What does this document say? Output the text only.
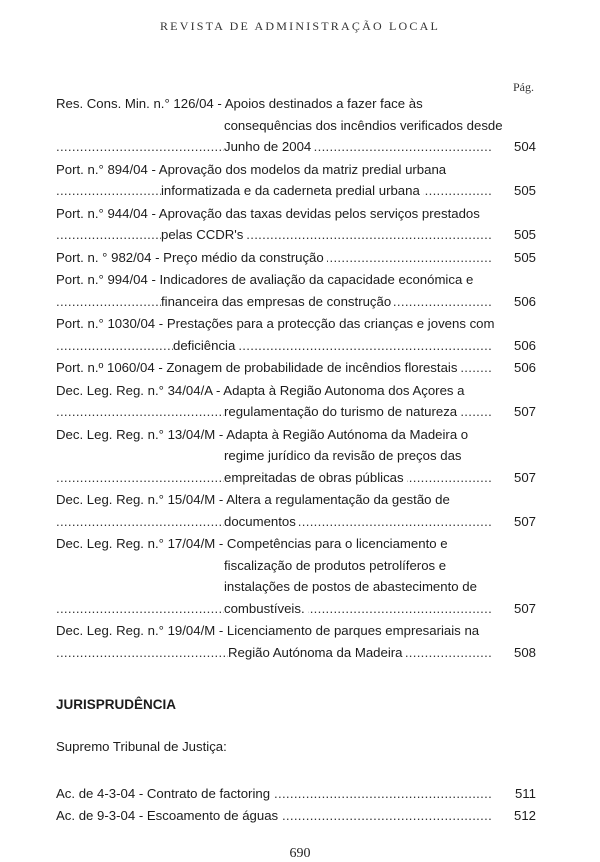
REVISTA DE ADMINISTRAÇÃO LOCAL
Pág.
Res. Cons. Min. n.° 126/04 - Apoios destinados a fazer face às
consequências dos incêndios verificados desde
.....
Junho de 2004	504
Port. n.° 894/04 - Aprovação dos modelos da matriz predial urbana
.....
informatizada e da caderneta predial urbana	505
Port. n.° 944/04 - Aprovação das taxas devidas pelos serviços prestados
.....
pelas CCDR's	505
.....
Port. n. ° 982/04 - Preço médio da construção	505
Port. n.° 994/04 - Indicadores de avaliação da capacidade económica e
.....
financeira das empresas de construção	506
Port. n.° 1030/04 - Prestações para a protecção das crianças e jovens com
.....
deficiência	506
.....
Port. n.º 1060/04 - Zonagem de probabilidade de incêndios florestais	506
Dec. Leg. Reg. n.° 34/04/A - Adapta à Região Autonoma dos Açores a
.....
regulamentação do turismo de natureza	507
Dec. Leg. Reg. n.° 13/04/M - Adapta à Região Autónoma da Madeira o
regime jurídico da revisão de preços das
.....
empreitadas de obras públicas	507
Dec. Leg. Reg. n.° 15/04/M - Altera a regulamentação da gestão de
.....
documentos	507
Dec. Leg. Reg. n.° 17/04/M - Competências para o licenciamento e
fiscalização de produtos petrolíferos e
instalações de postos de abastecimento de
.....
combustíveis.	507
Dec. Leg. Reg. n.° 19/04/M - Licenciamento de parques empresariais na
.....
Região Autónoma da Madeira	508
JURISPRUDÊNCIA
Supremo Tribunal de Justiça:
.....
Ac. de 4-3-04 - Contrato de factoring	511
.....
Ac. de 9-3-04 - Escoamento de águas	512
690
